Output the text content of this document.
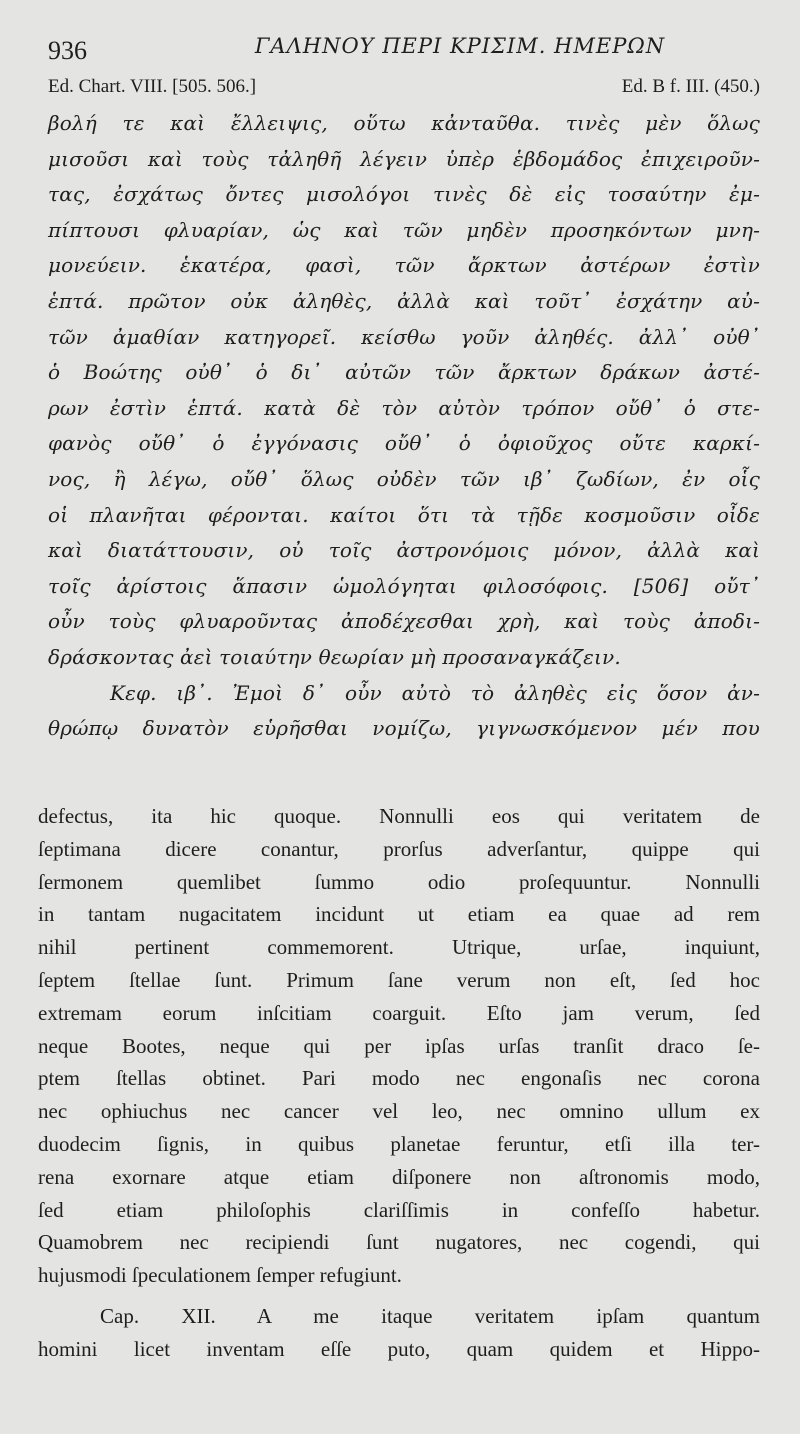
936	ΓΑΛΗΝΟΥ ΠΕΡΙ ΚΡΙΣΙΜ. ΗΜΕΡΩΝ
Ed. Chart. VIII. [505. 506.]	Ed. B f. III. (450.)
βολή τε καὶ ἔλλειψις, οὕτω κἀνταῦθα. τινὲς μὲν ὅλως
μισοῦσι καὶ τοὺς τἀληθῆ λέγειν ὑπὲρ ἑβδομάδος ἐπιχειροῦν-
τας, ἐσχάτως ὄντες μισολόγοι τινὲς δὲ εἰς τοσαύτην ἐμ-
πίπτουσι φλυαρίαν, ὡς καὶ τῶν μηδὲν προσηκόντων μνη-
μονεύειν. ἑκατέρα, φασὶ, τῶν ἄρκτων ἀστέρων ἐστὶν
ἑπτά. πρῶτον οὐκ ἀληθὲς, ἀλλὰ καὶ τοῦτ᾽ ἐσχάτην αὐ-
τῶν ἀμαθίαν κατηγορεῖ. κείσθω γοῦν ἀληθές. ἀλλ᾽ οὐθ᾽
ὁ Βοώτης οὐθ᾽ ὁ δι᾽ αὐτῶν τῶν ἄρκτων δράκων ἀστέ-
ρων ἐστὶν ἑπτά. κατὰ δὲ τὸν αὐτὸν τρόπον οὔθ᾽ ὁ στε-
φανὸς οὔθ᾽ ὁ ἐγγόνασις οὔθ᾽ ὁ ὀφιοῦχος οὔτε καρκί-
νος, ἢ λέγω, οὔθ᾽ ὅλως οὐδὲν τῶν ιβ᾽ ζωδίων, ἐν οἷς
οἱ πλανῆται φέρονται. καίτοι ὅτι τὰ τῇδε κοσμοῦσιν οἶδε
καὶ διατάττουσιν, οὐ τοῖς ἀστρονόμοις μόνον, ἀλλὰ καὶ
τοῖς ἀρίστοις ἅπασιν ὡμολόγηται φιλοσόφοις. [506] οὔτ᾽
οὖν τοὺς φλυαροῦντας ἀποδέχεσθαι χρὴ, καὶ τοὺς ἀποδι-
δράσκοντας ἀεὶ τοιαύτην θεωρίαν μὴ προσαναγκάζειν.
Κεφ. ιβ᾽. Ἐμοὶ δ᾽ οὖν αὐτὸ τὸ ἀληθὲς εἰς ὅσον ἀν-
θρώπῳ δυνατὸν εὑρῆσθαι νομίζω, γιγνωσκόμενον μέν που
defectus, ita hic quoque. Nonnulli eos qui veritatem de
ſeptimana dicere conantur, prorſus adverſantur, quippe qui
ſermonem quemlibet ſummo odio proſequuntur. Nonnulli
in tantam nugacitatem incidunt ut etiam ea quae ad rem
nihil pertinent commemorent. Utrique, urſae, inquiunt,
ſeptem ſtellae ſunt. Primum ſane verum non eſt, ſed hoc
extremam eorum inſcitiam coarguit. Eſto jam verum, ſed
neque Bootes, neque qui per ipſas urſas tranſit draco ſe-
ptem ſtellas obtinet. Pari modo nec engonaſis nec corona
nec ophiuchus nec cancer vel leo, nec omnino ullum ex
duodecim ſignis, in quibus planetae feruntur, etſi illa ter-
rena exornare atque etiam diſponere non aſtronomis modo,
ſed etiam philoſophis clariſſimis in confeſſo habetur.
Quamobrem nec recipiendi ſunt nugatores, nec cogendi, qui
hujusmodi ſpeculationem ſemper refugiunt.
Cap. XII. A me itaque veritatem ipſam quantum
homini licet inventam eſſe puto, quam quidem et Hippo-
